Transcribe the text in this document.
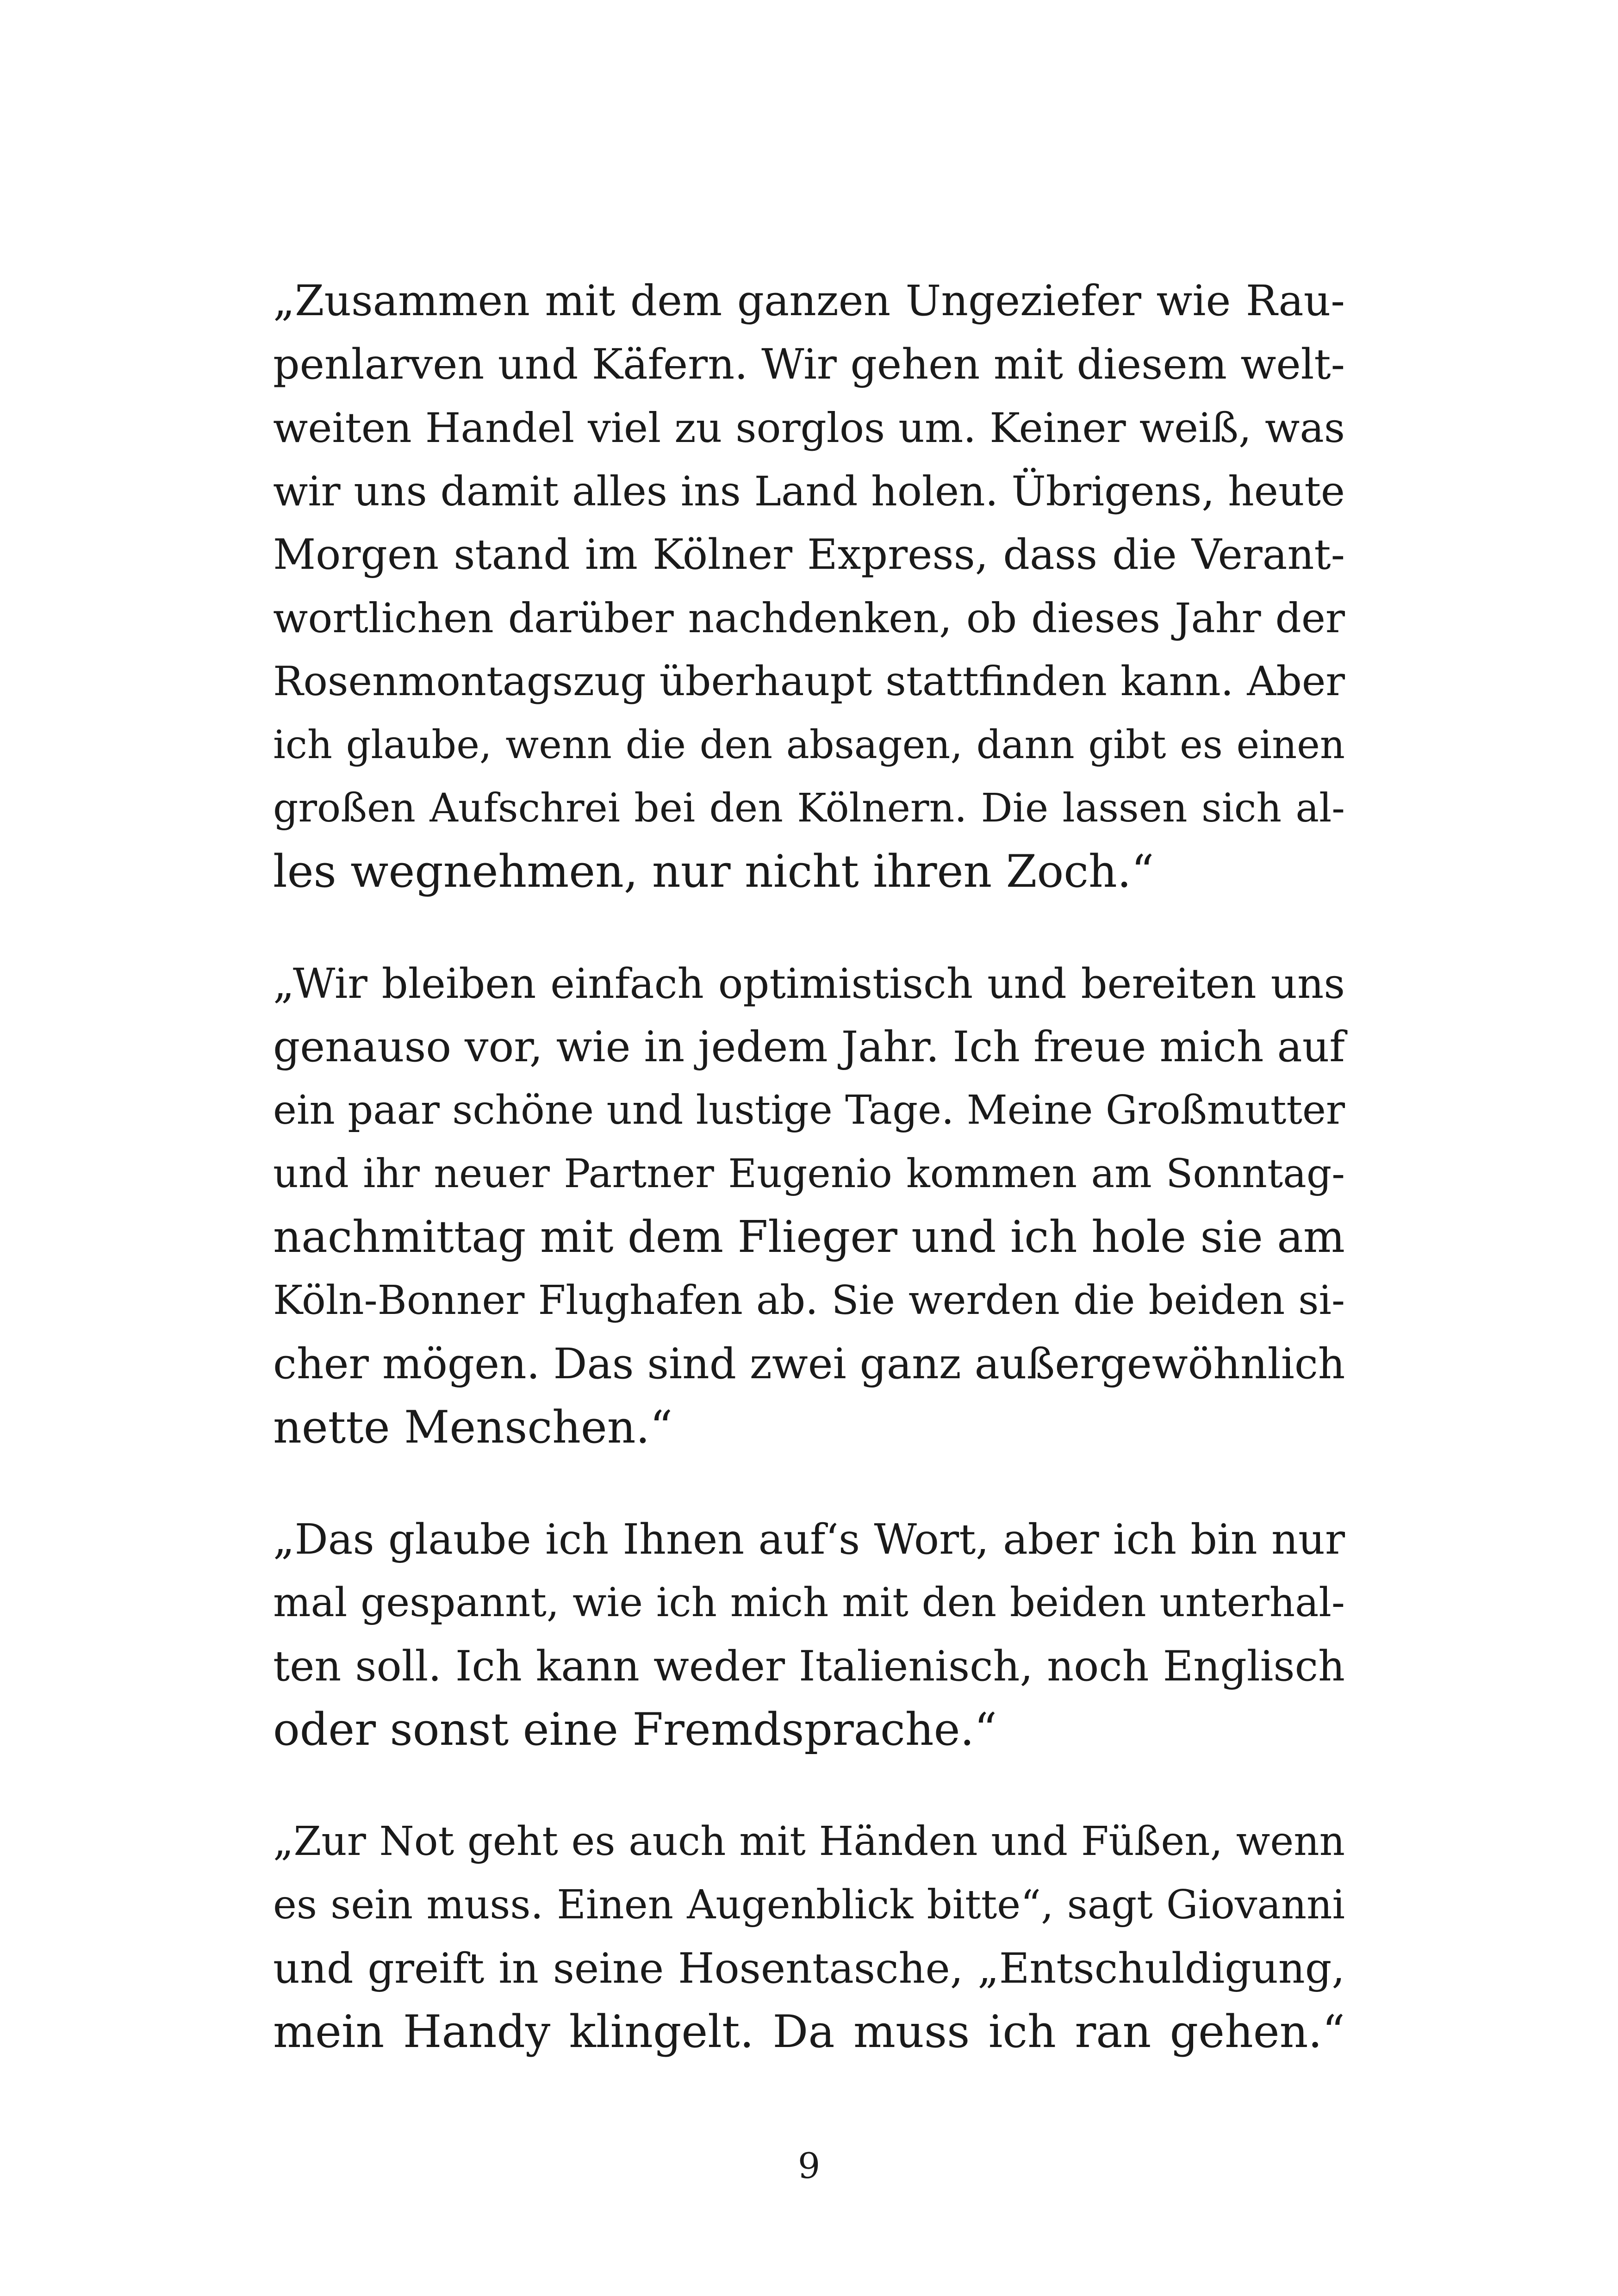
„Zusammen mit dem ganzen Ungeziefer wie Rau-
penlarven und Käfern. Wir gehen mit diesem welt-
weiten Handel viel zu sorglos um. Keiner weiß, was
wir uns damit alles ins Land holen. Übrigens, heute
Morgen stand im Kölner Express, dass die Verant-
wortlichen darüber nachdenken, ob dieses Jahr der
Rosenmontagszug überhaupt stattfinden kann. Aber
ich glaube, wenn die den absagen, dann gibt es einen
großen Aufschrei bei den Kölnern. Die lassen sich al-
les wegnehmen, nur nicht ihren Zoch.“
„Wir bleiben einfach optimistisch und bereiten uns
genauso vor, wie in jedem Jahr. Ich freue mich auf
ein paar schöne und lustige Tage. Meine Großmutter
und ihr neuer Partner Eugenio kommen am Sonntag-
nachmittag mit dem Flieger und ich hole sie am
Köln-Bonner Flughafen ab. Sie werden die beiden si-
cher mögen. Das sind zwei ganz außergewöhnlich
nette Menschen.“
„Das glaube ich Ihnen auf‘s Wort, aber ich bin nur
mal gespannt, wie ich mich mit den beiden unterhal-
ten soll. Ich kann weder Italienisch, noch Englisch
oder sonst eine Fremdsprache.“
„Zur Not geht es auch mit Händen und Füßen, wenn
es sein muss. Einen Augenblick bitte“, sagt Giovanni
und greift in seine Hosentasche, „Entschuldigung,
mein Handy klingelt. Da muss ich ran gehen.“
9
